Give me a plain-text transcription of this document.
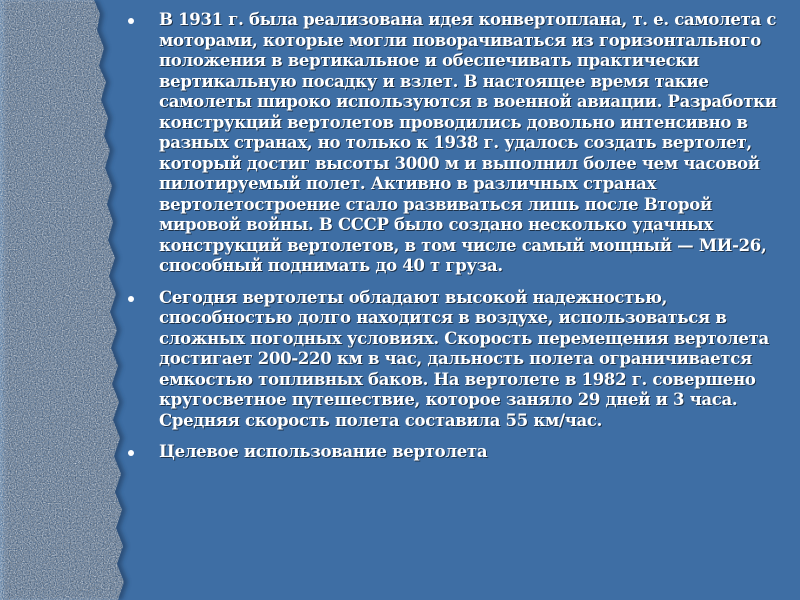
В 1931 г. была реализована идея конвертоплана, т. е. самолета с моторами, которые могли поворачиваться из горизонтального положения в вертикальное и обеспечивать практически вертикальную посадку и взлет. В настоящее время такие самолеты широко используются в военной авиации. Разработки конструкций вертолетов проводились довольно интенсивно в разных странах, но только к 1938 г. удалось создать вертолет, который достиг высоты 3000 м и выполнил более чем часовой пилотируемый полет. Активно в различных странах вертолетостроение стало развиваться лишь после Второй мировой войны. В СССР было создано несколько удачных конструкций вертолетов, в том числе самый мощный — МИ-26, способный поднимать до 40 т груза.
Сегодня вертолеты обладают высокой надежностью, способностью долго находится в воздухе, использоваться в сложных погодных условиях. Скорость перемещения вертолета достигает 200-220 км в час, дальность полета ограничивается емкостью топливных баков. На вертолете в 1982 г. совершено кругосветное путешествие, которое заняло 29 дней и 3 часа. Средняя скорость полета составила 55 км/час.
Целевое использование вертолета
